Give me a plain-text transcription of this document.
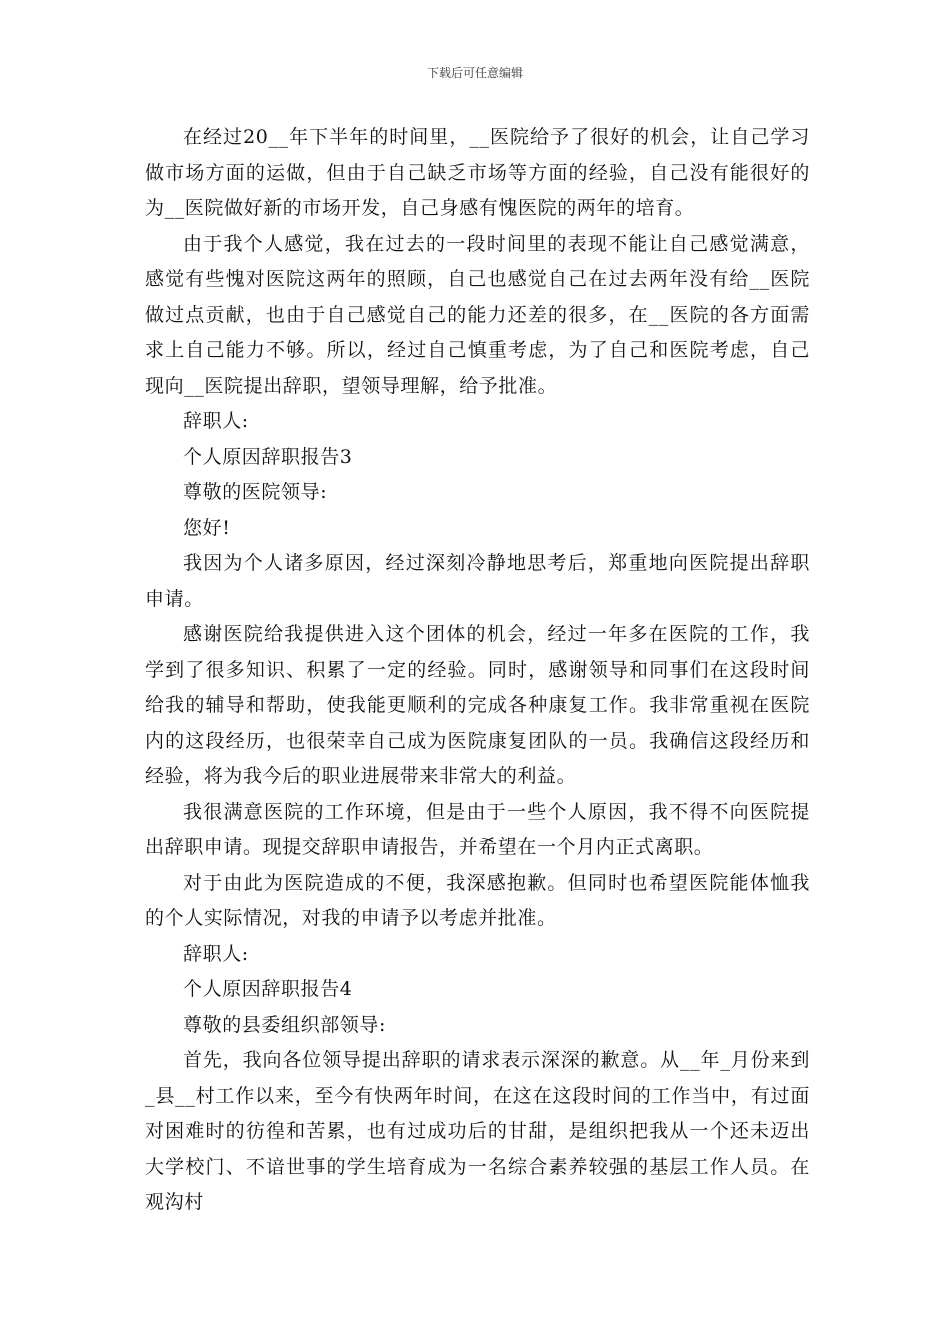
下载后可任意编辑

在经过20__年下半年的时间里，__医院给予了很好的机会，让自己学习做市场方面的运做，但由于自己缺乏市场等方面的经验，自己没有能很好的为__医院做好新的市场开发，自己身感有愧医院的两年的培育。

由于我个人感觉，我在过去的一段时间里的表现不能让自己感觉满意，感觉有些愧对医院这两年的照顾，自己也感觉自己在过去两年没有给__医院做过点贡献，也由于自己感觉自己的能力还差的很多，在__医院的各方面需求上自己能力不够。所以，经过自己慎重考虑，为了自己和医院考虑，自己现向__医院提出辞职，望领导理解，给予批准。

辞职人:

个人原因辞职报告3

尊敬的医院领导:

您好!

我因为个人诸多原因，经过深刻冷静地思考后，郑重地向医院提出辞职申请。

感谢医院给我提供进入这个团体的机会，经过一年多在医院的工作，我学到了很多知识、积累了一定的经验。同时，感谢领导和同事们在这段时间给我的辅导和帮助，使我能更顺利的完成各种康复工作。我非常重视在医院内的这段经历，也很荣幸自己成为医院康复团队的一员。我确信这段经历和经验，将为我今后的职业进展带来非常大的利益。

我很满意医院的工作环境，但是由于一些个人原因，我不得不向医院提出辞职申请。现提交辞职申请报告，并希望在一个月内正式离职。

对于由此为医院造成的不便，我深感抱歉。但同时也希望医院能体恤我的个人实际情况，对我的申请予以考虑并批准。

辞职人:

个人原因辞职报告4

尊敬的县委组织部领导:

首先，我向各位领导提出辞职的请求表示深深的歉意。从__年_月份来到_县__村工作以来，至今有快两年时间，在这在这段时间的工作当中，有过面对困难时的彷徨和苦累，也有过成功后的甘甜，是组织把我从一个还未迈出大学校门、不谙世事的学生培育成为一名综合素养较强的基层工作人员。在观沟村
